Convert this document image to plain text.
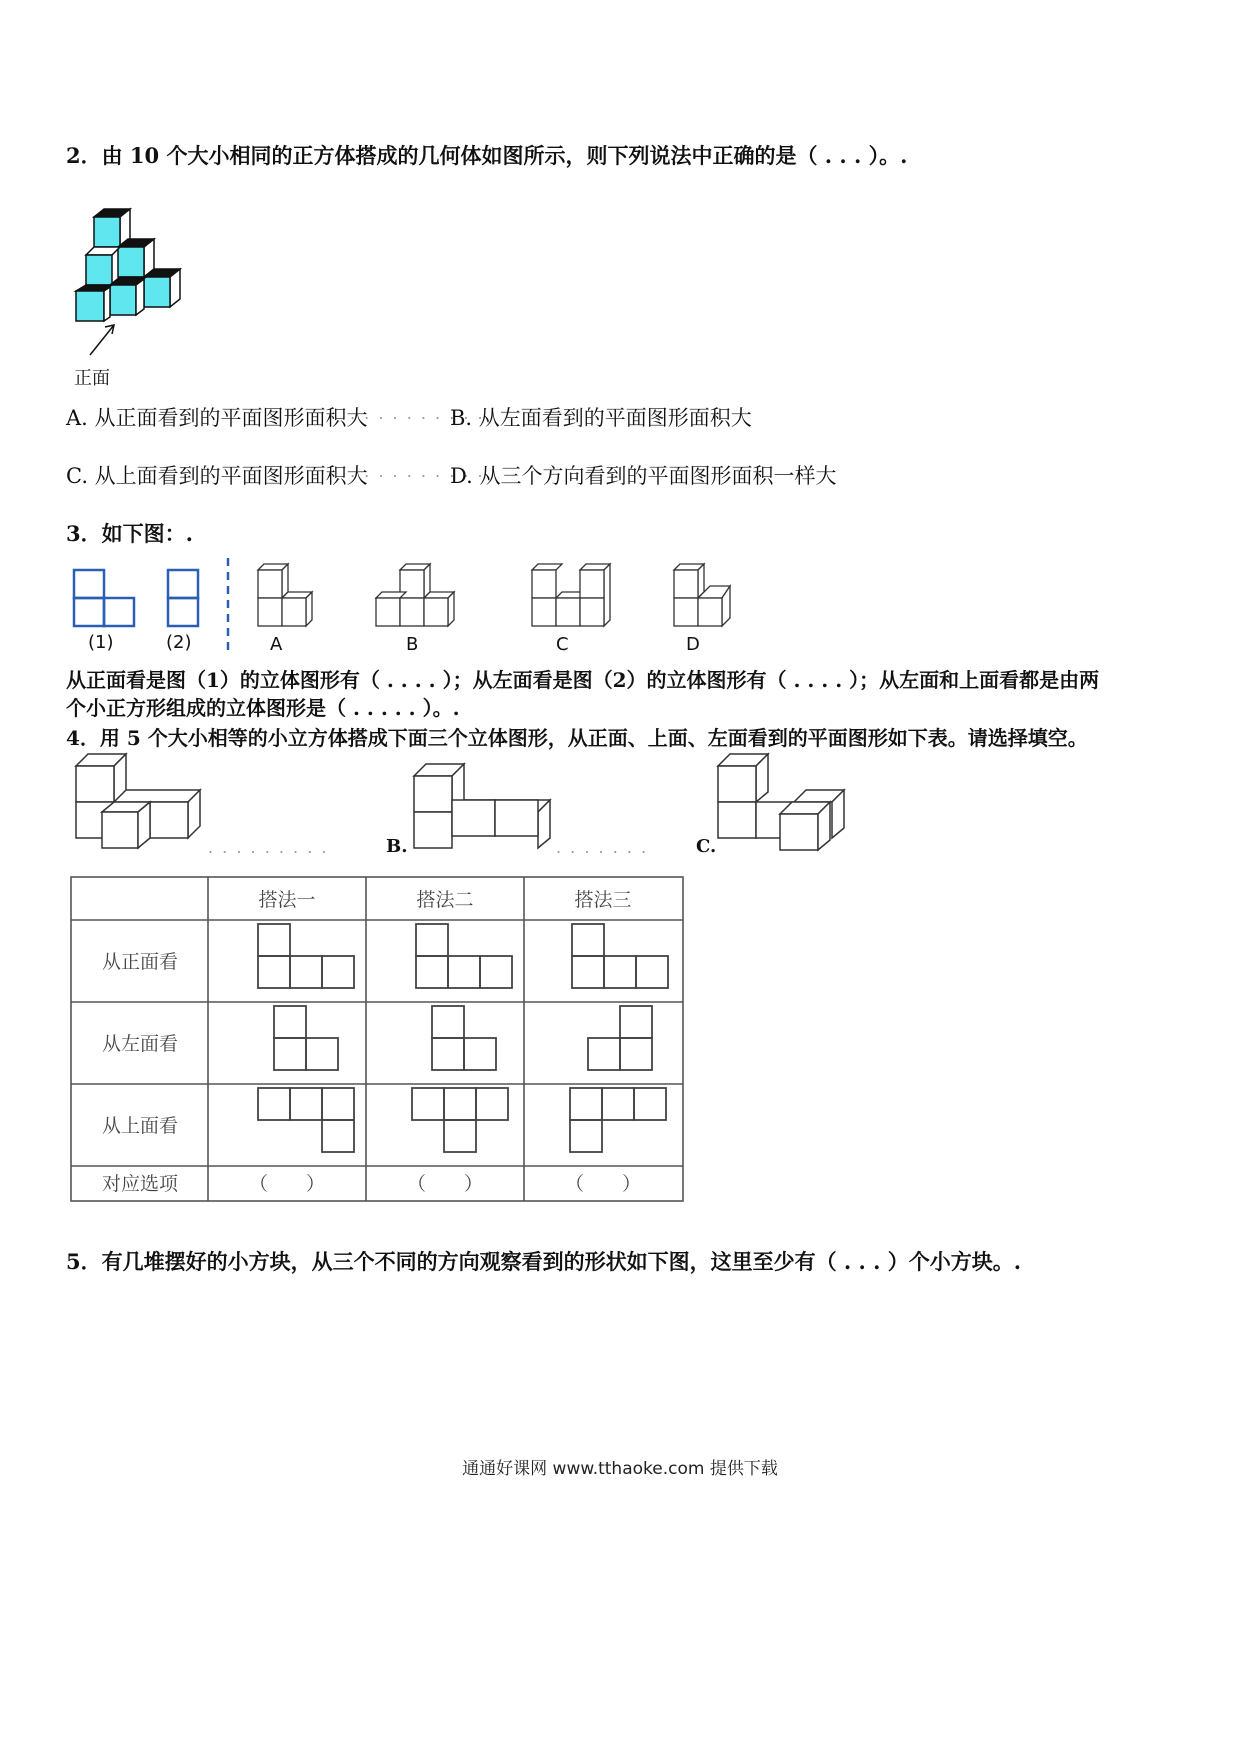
2．由 10 个大小相同的正方体搭成的几何体如图所示，则下列说法中正确的是（ . . . ）。.
正面
A. 从正面看到的平面图形面积大
. . . . . . . . . .
B. 从左面看到的平面图形面积大
C. 从上面看到的平面图形面积大
. . . . . . . . . .
D. 从三个方向看到的平面图形面积一样大
3．如下图：.
(1)	(2)	A	B	C	D
从正面看是图（1）的立体图形有（ . . . . ）；从左面看是图（2）的立体图形有（ . . . . ）；从左面和上面看都是由两
个小正方形组成的立体图形是（ . . . . . ）。.
4．用 5 个大小相等的小立方体搭成下面三个立体图形，从正面、上面、左面看到的平面图形如下表。请选择填空。
. . . . . . . . .	B.	. . . . . . .	C.
搭法一	搭法二	搭法三
从正面看
从左面看
从上面看
对应选项	（　　）	（　　）	（　　）
5．有几堆摆好的小方块，从三个不同的方向观察看到的形状如下图，这里至少有（ . . . ）个小方块。.
通通好课网 www.tthaoke.com 提供下载
